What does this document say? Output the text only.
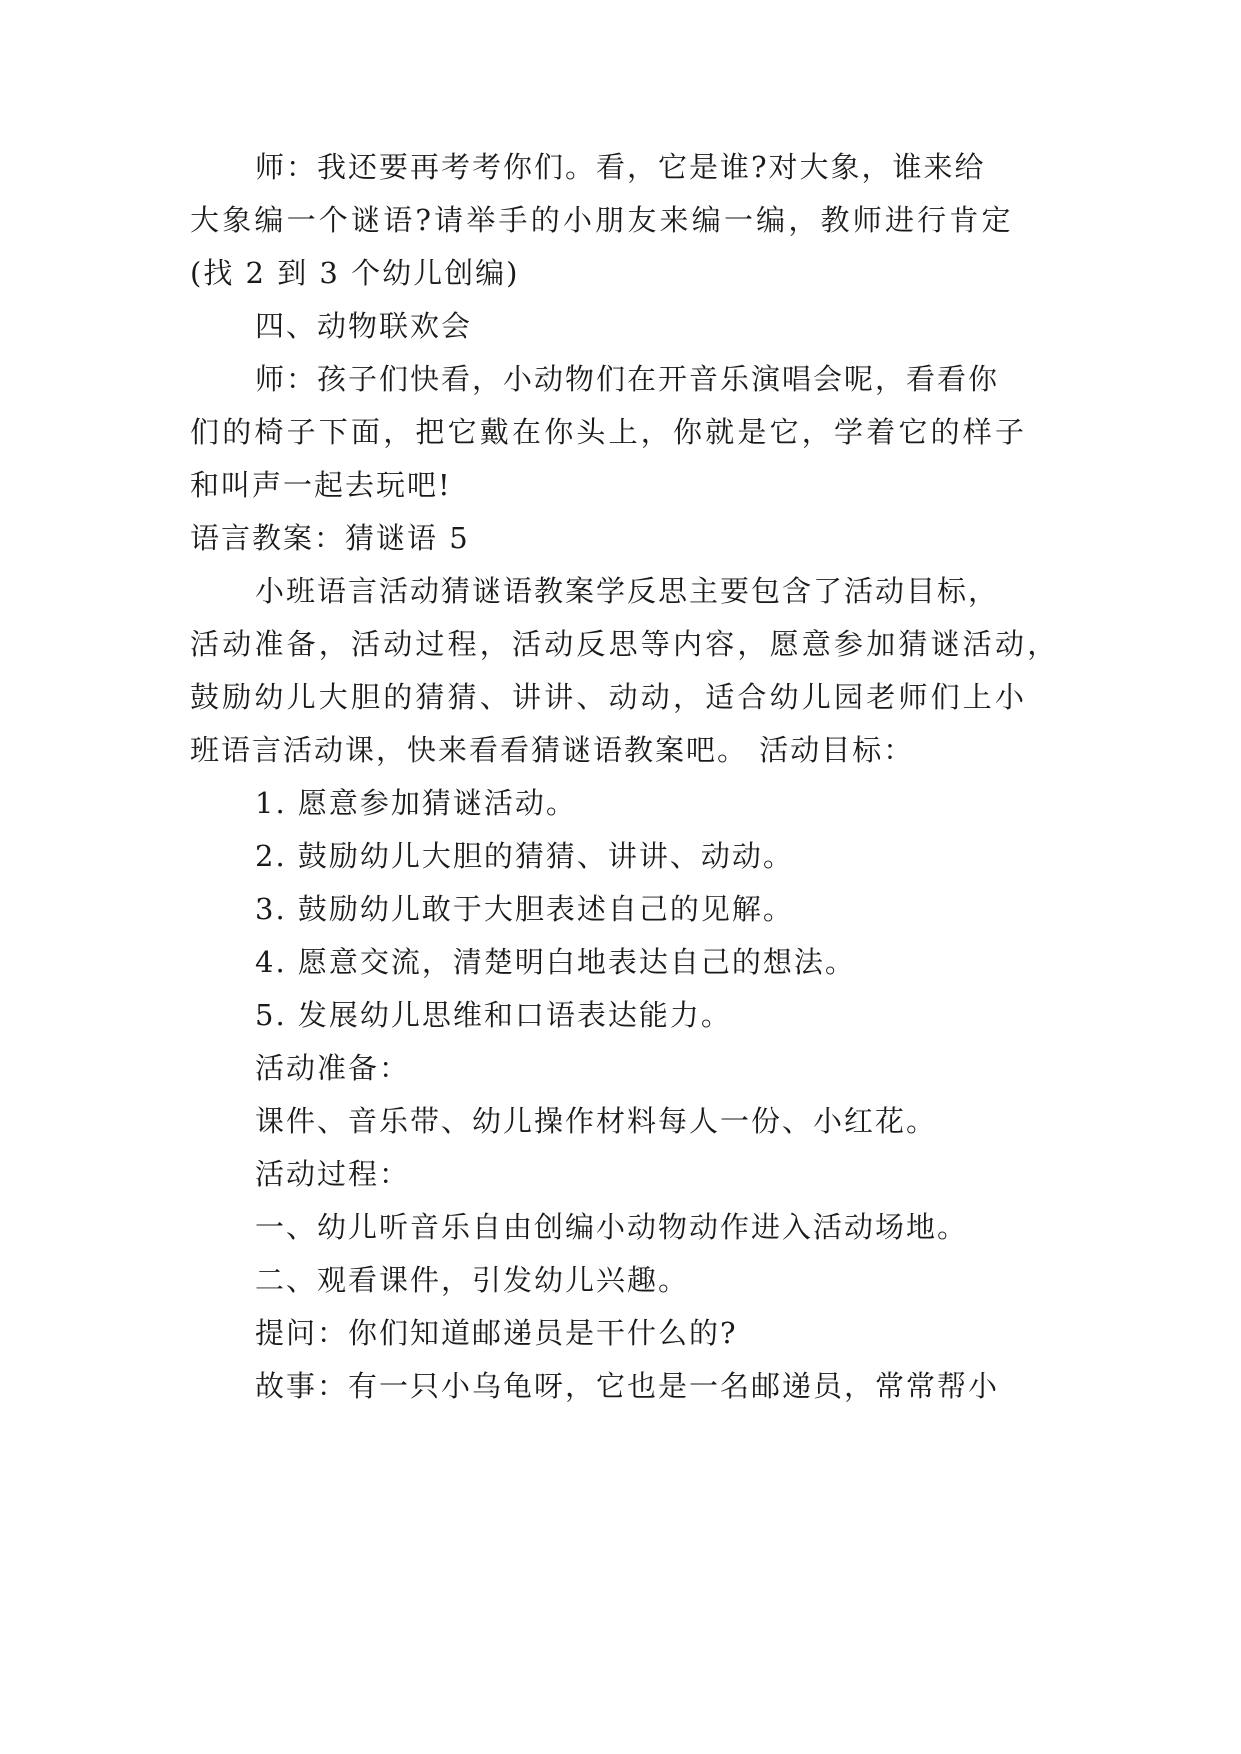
师：我还要再考考你们。看，它是谁?对大象，谁来给
大象编一个谜语?请举手的小朋友来编一编，教师进行肯定
(找 2 到 3 个幼儿创编)
四、动物联欢会
师：孩子们快看，小动物们在开音乐演唱会呢，看看你
们的椅子下面，把它戴在你头上，你就是它，学着它的样子
和叫声一起去玩吧!
语言教案：猜谜语 5
小班语言活动猜谜语教案学反思主要包含了活动目标，
活动准备，活动过程，活动反思等内容，愿意参加猜谜活动，
鼓励幼儿大胆的猜猜、讲讲、动动，适合幼儿园老师们上小
班语言活动课，快来看看猜谜语教案吧。 活动目标：
1. 愿意参加猜谜活动。
2. 鼓励幼儿大胆的猜猜、讲讲、动动。
3. 鼓励幼儿敢于大胆表述自己的见解。
4. 愿意交流，清楚明白地表达自己的想法。
5. 发展幼儿思维和口语表达能力。
活动准备：
课件、音乐带、幼儿操作材料每人一份、小红花。
活动过程：
一、幼儿听音乐自由创编小动物动作进入活动场地。
二、观看课件，引发幼儿兴趣。
提问：你们知道邮递员是干什么的?
故事：有一只小乌龟呀，它也是一名邮递员，常常帮小
